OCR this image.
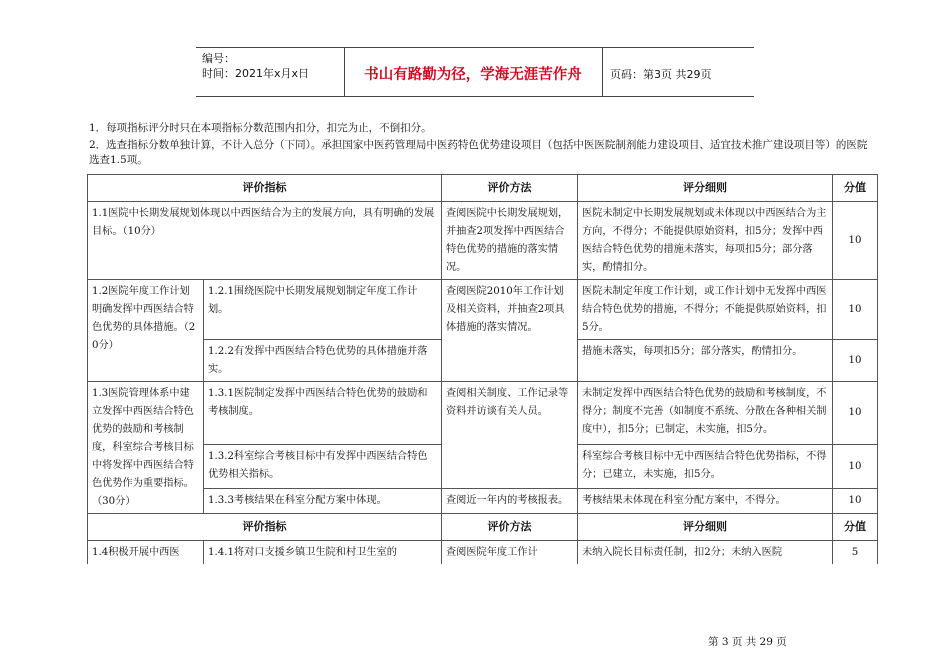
编号：
时间：2021年x月x日	书山有路勤为径，学海无涯苦作舟	页码：第3页 共29页
1．每项指标评分时只在本项指标分数范围内扣分，扣完为止，不倒扣分。
2．选查指标分数单独计算，不计入总分（下同）。承担国家中医药管理局中医药特色优势建设项目（包括中医医院制剂能力建设项目、适宜技术推广建设项目等）的医院选查1.5项。
评价指标		评价方法	评分细则	分值
1.1医院中长期发展规划体现以中西医结合为主的发展方向，具有明确的发展目标。（10分）		查阅医院中长期发展规划，并抽查2项发挥中西医结合特色优势的措施的落实情况。	医院未制定中长期发展规划或未体现以中西医结合为主方向，不得分；不能提供原始资料，扣5分；发挥中西医结合特色优势的措施未落实，每项扣5分；部分落实，酌情扣分。	10
1.2医院年度工作计划明确发挥中西医结合特色优势的具体措施。（20分）	1.2.1围绕医院中长期发展规划制定年度工作计划。	查阅医院2010年工作计划及相关资料，并抽查2项具体措施的落实情况。	医院未制定年度工作计划，或工作计划中无发挥中西医结合特色优势的措施，不得分；不能提供原始资料，扣5分。	10
	1.2.2有发挥中西医结合特色优势的具体措施并落实。		措施未落实，每项扣5分；部分落实，酌情扣分。	10
1.3医院管理体系中建立发挥中西医结合特色优势的鼓励和考核制度，科室综合考核目标中将发挥中西医结合特色优势作为重要指标。（30分）	1.3.1医院制定发挥中西医结合特色优势的鼓励和考核制度。	查阅相关制度、工作记录等资料并访谈有关人员。	未制定发挥中西医结合特色优势的鼓励和考核制度，不得分；制度不完善（如制度不系统、分散在各种相关制度中），扣5分；已制定，未实施，扣5分。	10
	1.3.2科室综合考核目标中有发挥中西医结合特色优势相关指标。		科室综合考核目标中无中西医结合特色优势指标，不得分；已建立，未实施，扣5分。	10
	1.3.3考核结果在科室分配方案中体现。	查阅近一年内的考核报表。	考核结果未体现在科室分配方案中，不得分。	10
评价指标		评价方法	评分细则	分值
1.4积极开展中西医	1.4.1将对口支援乡镇卫生院和村卫生室的	查阅医院年度工作计	未纳入院长目标责任制，扣2分；未纳入医院	5
第 3 页 共 29 页
